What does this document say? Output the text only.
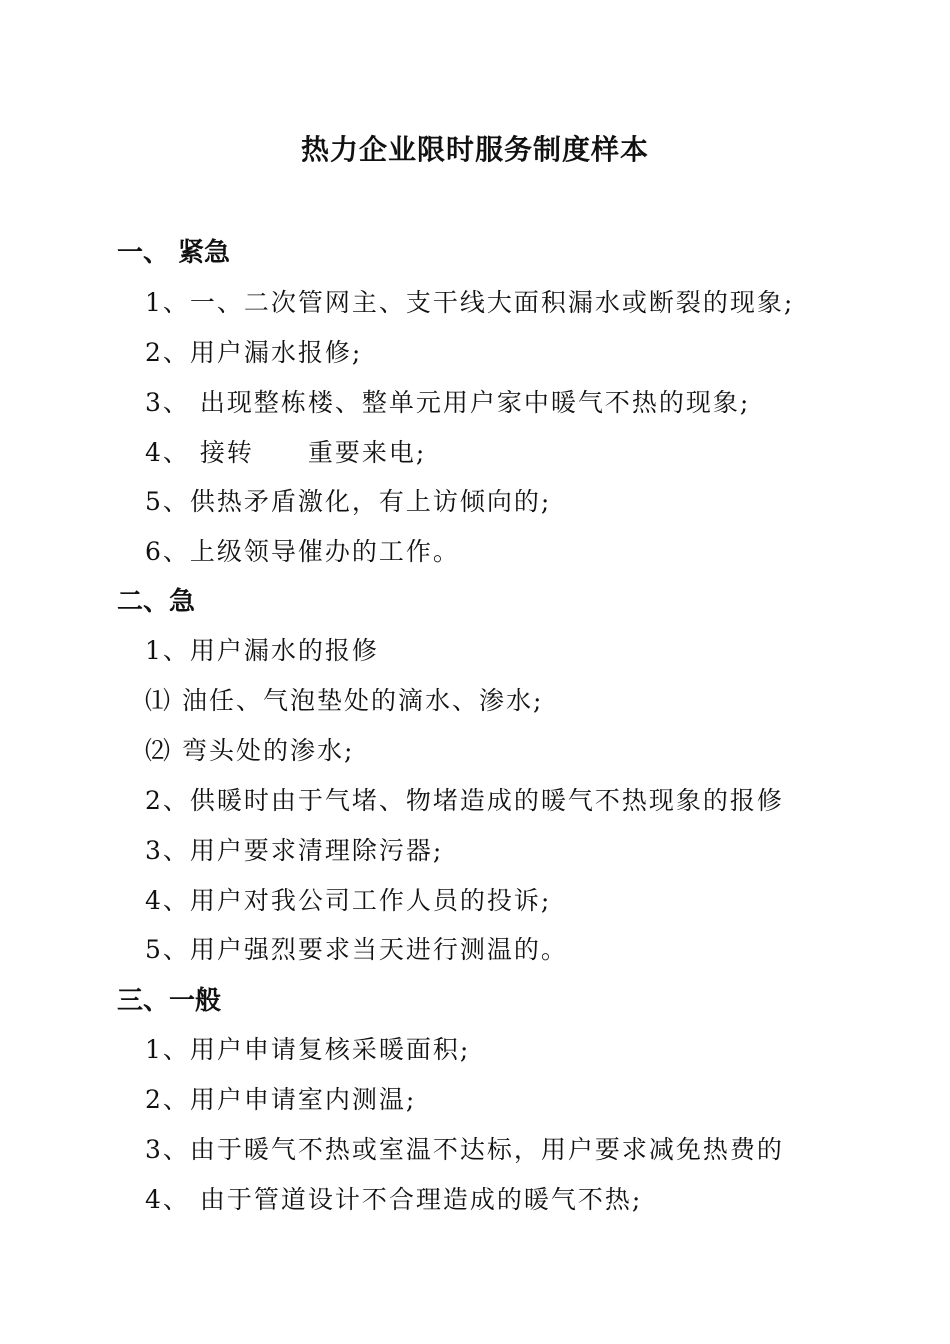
热力企业限时服务制度样本
一、 紧急
1、一、二次管网主、支干线大面积漏水或断裂的现象;
2、用户漏水报修;
3、 出现整栋楼、整单元用户家中暖气不热的现象;
4、 接转　　重要来电;
5、供热矛盾激化，有上访倾向的;
6、上级领导催办的工作。
二、急
1、用户漏水的报修
⑴ 油任、气泡垫处的滴水、渗水;
⑵ 弯头处的渗水;
2、供暖时由于气堵、物堵造成的暖气不热现象的报修
3、用户要求清理除污器;
4、用户对我公司工作人员的投诉;
5、用户强烈要求当天进行测温的。
三、一般
1、用户申请复核采暖面积;
2、用户申请室内测温;
3、由于暖气不热或室温不达标，用户要求减免热费的
4、 由于管道设计不合理造成的暖气不热;
